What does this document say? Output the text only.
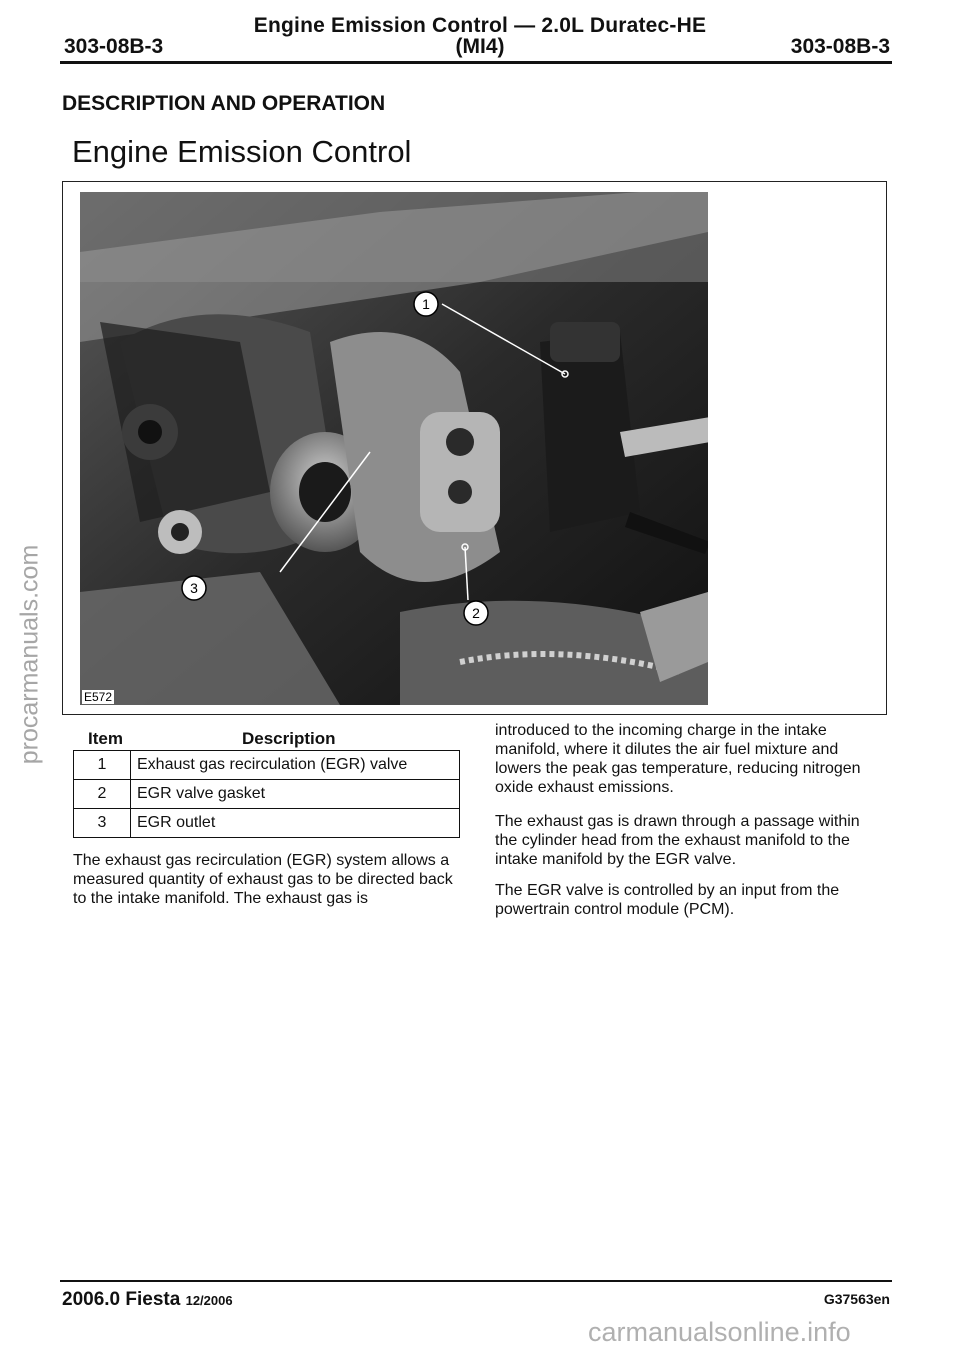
Engine Emission Control — 2.0L Duratec-HE
303-08B-3	(MI4)	303-08B-3
DESCRIPTION AND OPERATION
Engine Emission Control
1
2
3
E572
Item	Description
1	Exhaust gas recirculation (EGR) valve
2	EGR valve gasket
3	EGR outlet
The exhaust gas recirculation (EGR) system allows a measured quantity of exhaust gas to be directed back to the intake manifold. The exhaust gas is
introduced to the incoming charge in the intake manifold, where it dilutes the air fuel mixture and lowers the peak gas temperature, reducing nitrogen oxide exhaust emissions.
The exhaust gas is drawn through a passage within the cylinder head from the exhaust manifold to the intake manifold by the EGR valve.
The EGR valve is controlled by an input from the powertrain control module (PCM).
2006.0 Fiesta 12/2006	G37563en
procarmanuals.com
carmanualsonline.info
